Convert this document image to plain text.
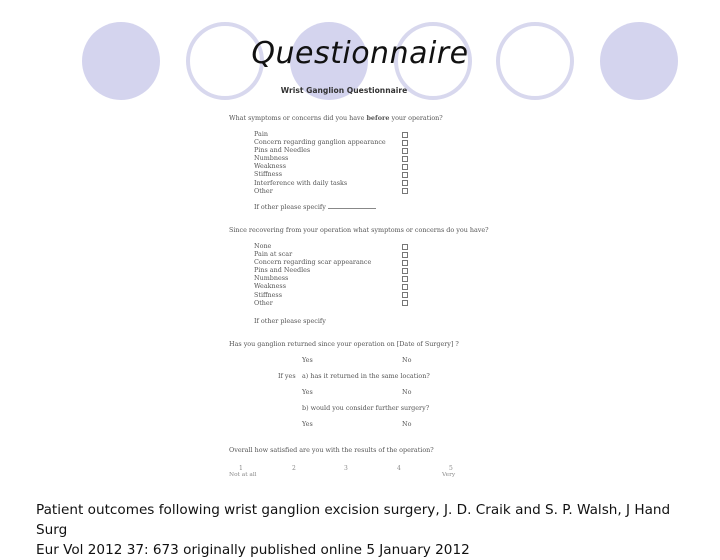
Questionnaire
Wrist Ganglion Questionnaire
What symptoms or concerns did you have before your operation?
Pain
Concern regarding ganglion appearance
Pins and Needles
Numbness
Weakness
Stiffness
Interference with daily tasks
Other
If other please specify
Since recovering from your operation what symptoms or concerns do you have?
None
Pain at scar
Concern regarding scar appearance
Pins and Needles
Numbness
Weakness
Stiffness
Other
If other please specify
Has you ganglion returned since your operation on [Date of Surgery] ?
Yes	No
If yes a) has it returned in the same location?
Yes	No
b) would you consider further surgery?
Yes	No
Overall how satisfied are you with the results of the operation?
1	2	3	4	5
Not at all	Very
Patient outcomes following wrist ganglion excision surgery, J. D. Craik and S. P. Walsh, J Hand Surg
Eur Vol 2012 37: 673 originally published online 5 January 2012
